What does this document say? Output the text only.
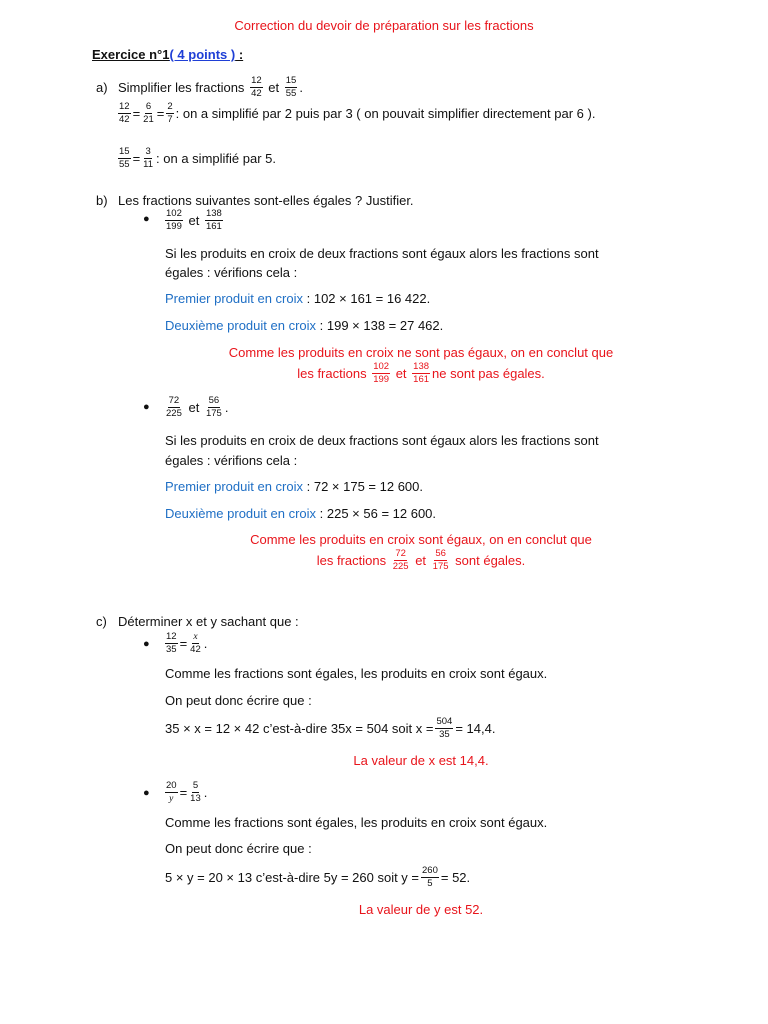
Correction du devoir de préparation sur les fractions
Exercice n°1( 4 points ) :
a) Simplifier les fractions $\frac{12}{42}$ et $\frac{15}{55}$ .
$\frac{12}{42} = \frac{6}{21} = \frac{2}{7}$ : on a simplifié par 2 puis par 3 ( on pouvait simplifier directement par 6 ).
$\frac{15}{55} = \frac{3}{11}$ : on a simplifié par 5.
b) Les fractions suivantes sont-elles égales ? Justifier.
● $\frac{102}{199}$ et $\frac{138}{161}$
Si les produits en croix de deux fractions sont égaux alors les fractions sont
égales : vérifions cela :
Premier produit en croix : 102 × 161 = 16 422.
Deuxième produit en croix : 199 × 138 = 27 462.
Comme les produits en croix ne sont pas égaux, on en conclut que
les fractions $\frac{102}{199}$ et $\frac{138}{161}$ ne sont pas égales.
● $\frac{72}{225}$ et $\frac{56}{175}$ .
Si les produits en croix de deux fractions sont égaux alors les fractions sont
égales : vérifions cela :
Premier produit en croix : 72 × 175 = 12 600.
Deuxième produit en croix : 225 × 56 = 12 600.
Comme les produits en croix sont égaux, on en conclut que
les fractions $\frac{72}{225}$ et $\frac{56}{175}$ sont égales.
c) Déterminer x et y sachant que :
● $\frac{12}{35} = \frac{x}{42}$ .
Comme les fractions sont égales, les produits en croix sont égaux.
On peut donc écrire que :
35 × x = 12 × 42 c’est-à-dire 35x = 504 soit $x = \frac{504}{35} = 14,4$.
La valeur de x est 14,4.
● $\frac{20}{y} = \frac{5}{13}$ .
Comme les fractions sont égales, les produits en croix sont égaux.
On peut donc écrire que :
5 × y = 20 × 13 c’est-à-dire 5y = 260 soit $y = \frac{260}{5} = 52$.
La valeur de y est 52.
